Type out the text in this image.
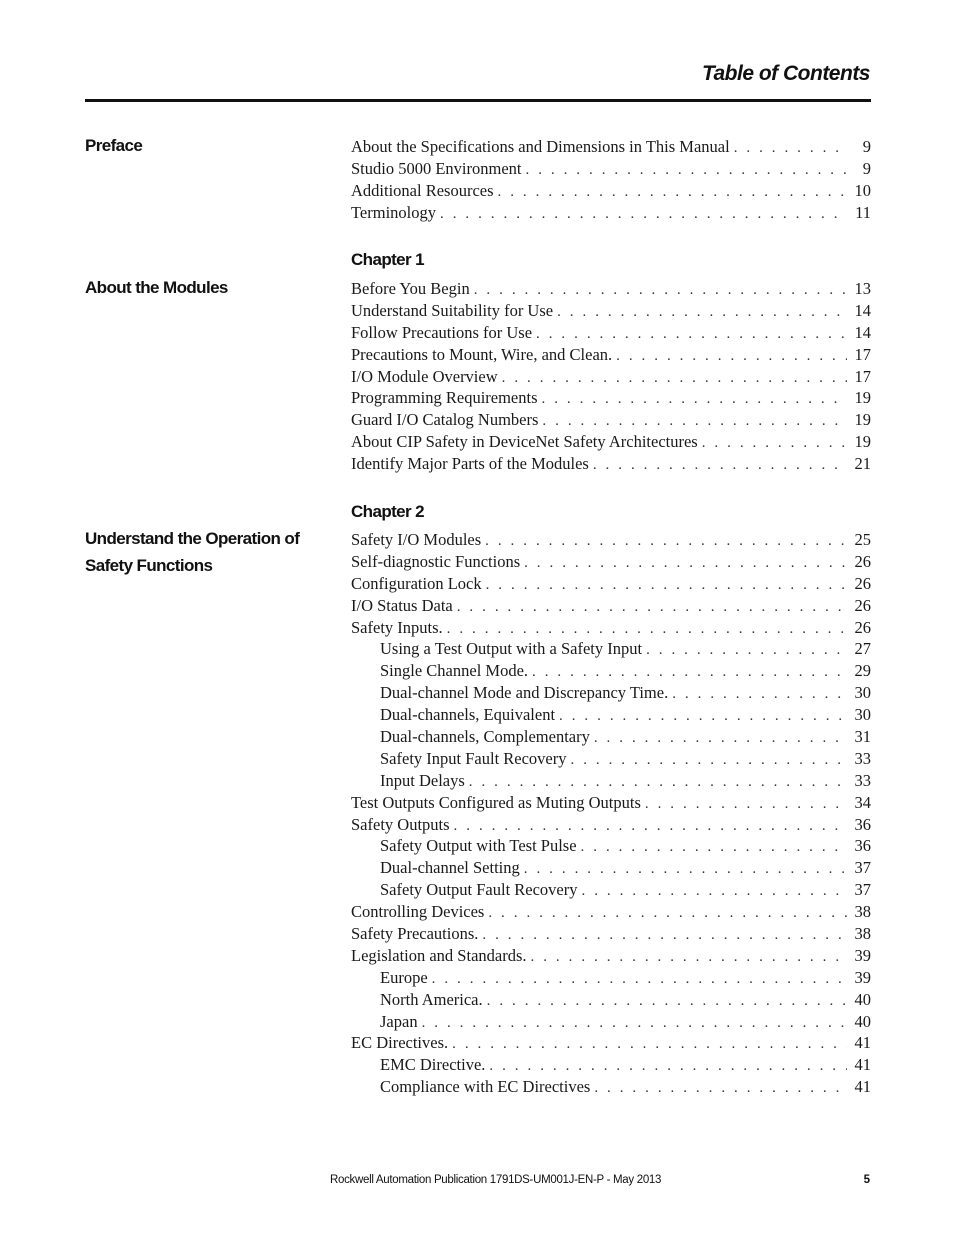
Table of Contents
Preface	About the Specifications and Dimensions in This Manual . . .	9
Studio 5000 Environment . . .	9
Additional Resources . . .	10
Terminology . . .	11
Chapter 1
About the Modules	Before You Begin . . .	13
Understand Suitability for Use . . .	14
Follow Precautions for Use . . .	14
Precautions to Mount, Wire, and Clean. . . .	17
I/O Module Overview . . .	17
Programming Requirements . . .	19
Guard I/O Catalog Numbers . . .	19
About CIP Safety in DeviceNet Safety Architectures . . .	19
Identify Major Parts of the Modules . . .	21
Chapter 2
Understand the Operation of Safety Functions
Safety I/O Modules . . .	25
Self-diagnostic Functions . . .	26
Configuration Lock . . .	26
I/O Status Data . . .	26
Safety Inputs. . . .	26
Using a Test Output with a Safety Input . . .	27
Single Channel Mode. . . .	29
Dual-channel Mode and Discrepancy Time. . . .	30
Dual-channels, Equivalent . . .	30
Dual-channels, Complementary . . .	31
Safety Input Fault Recovery . . .	33
Input Delays . . .	33
Test Outputs Configured as Muting Outputs . . .	34
Safety Outputs . . .	36
Safety Output with Test Pulse . . .	36
Dual-channel Setting . . .	37
Safety Output Fault Recovery . . .	37
Controlling Devices . . .	38
Safety Precautions. . . .	38
Legislation and Standards. . . .	39
Europe . . .	39
North America. . . .	40
Japan . . .	40
EC Directives. . . .	41
EMC Directive. . . .	41
Compliance with EC Directives . . .	41
Rockwell Automation Publication 1791DS-UM001J-EN-P - May 2013	5
